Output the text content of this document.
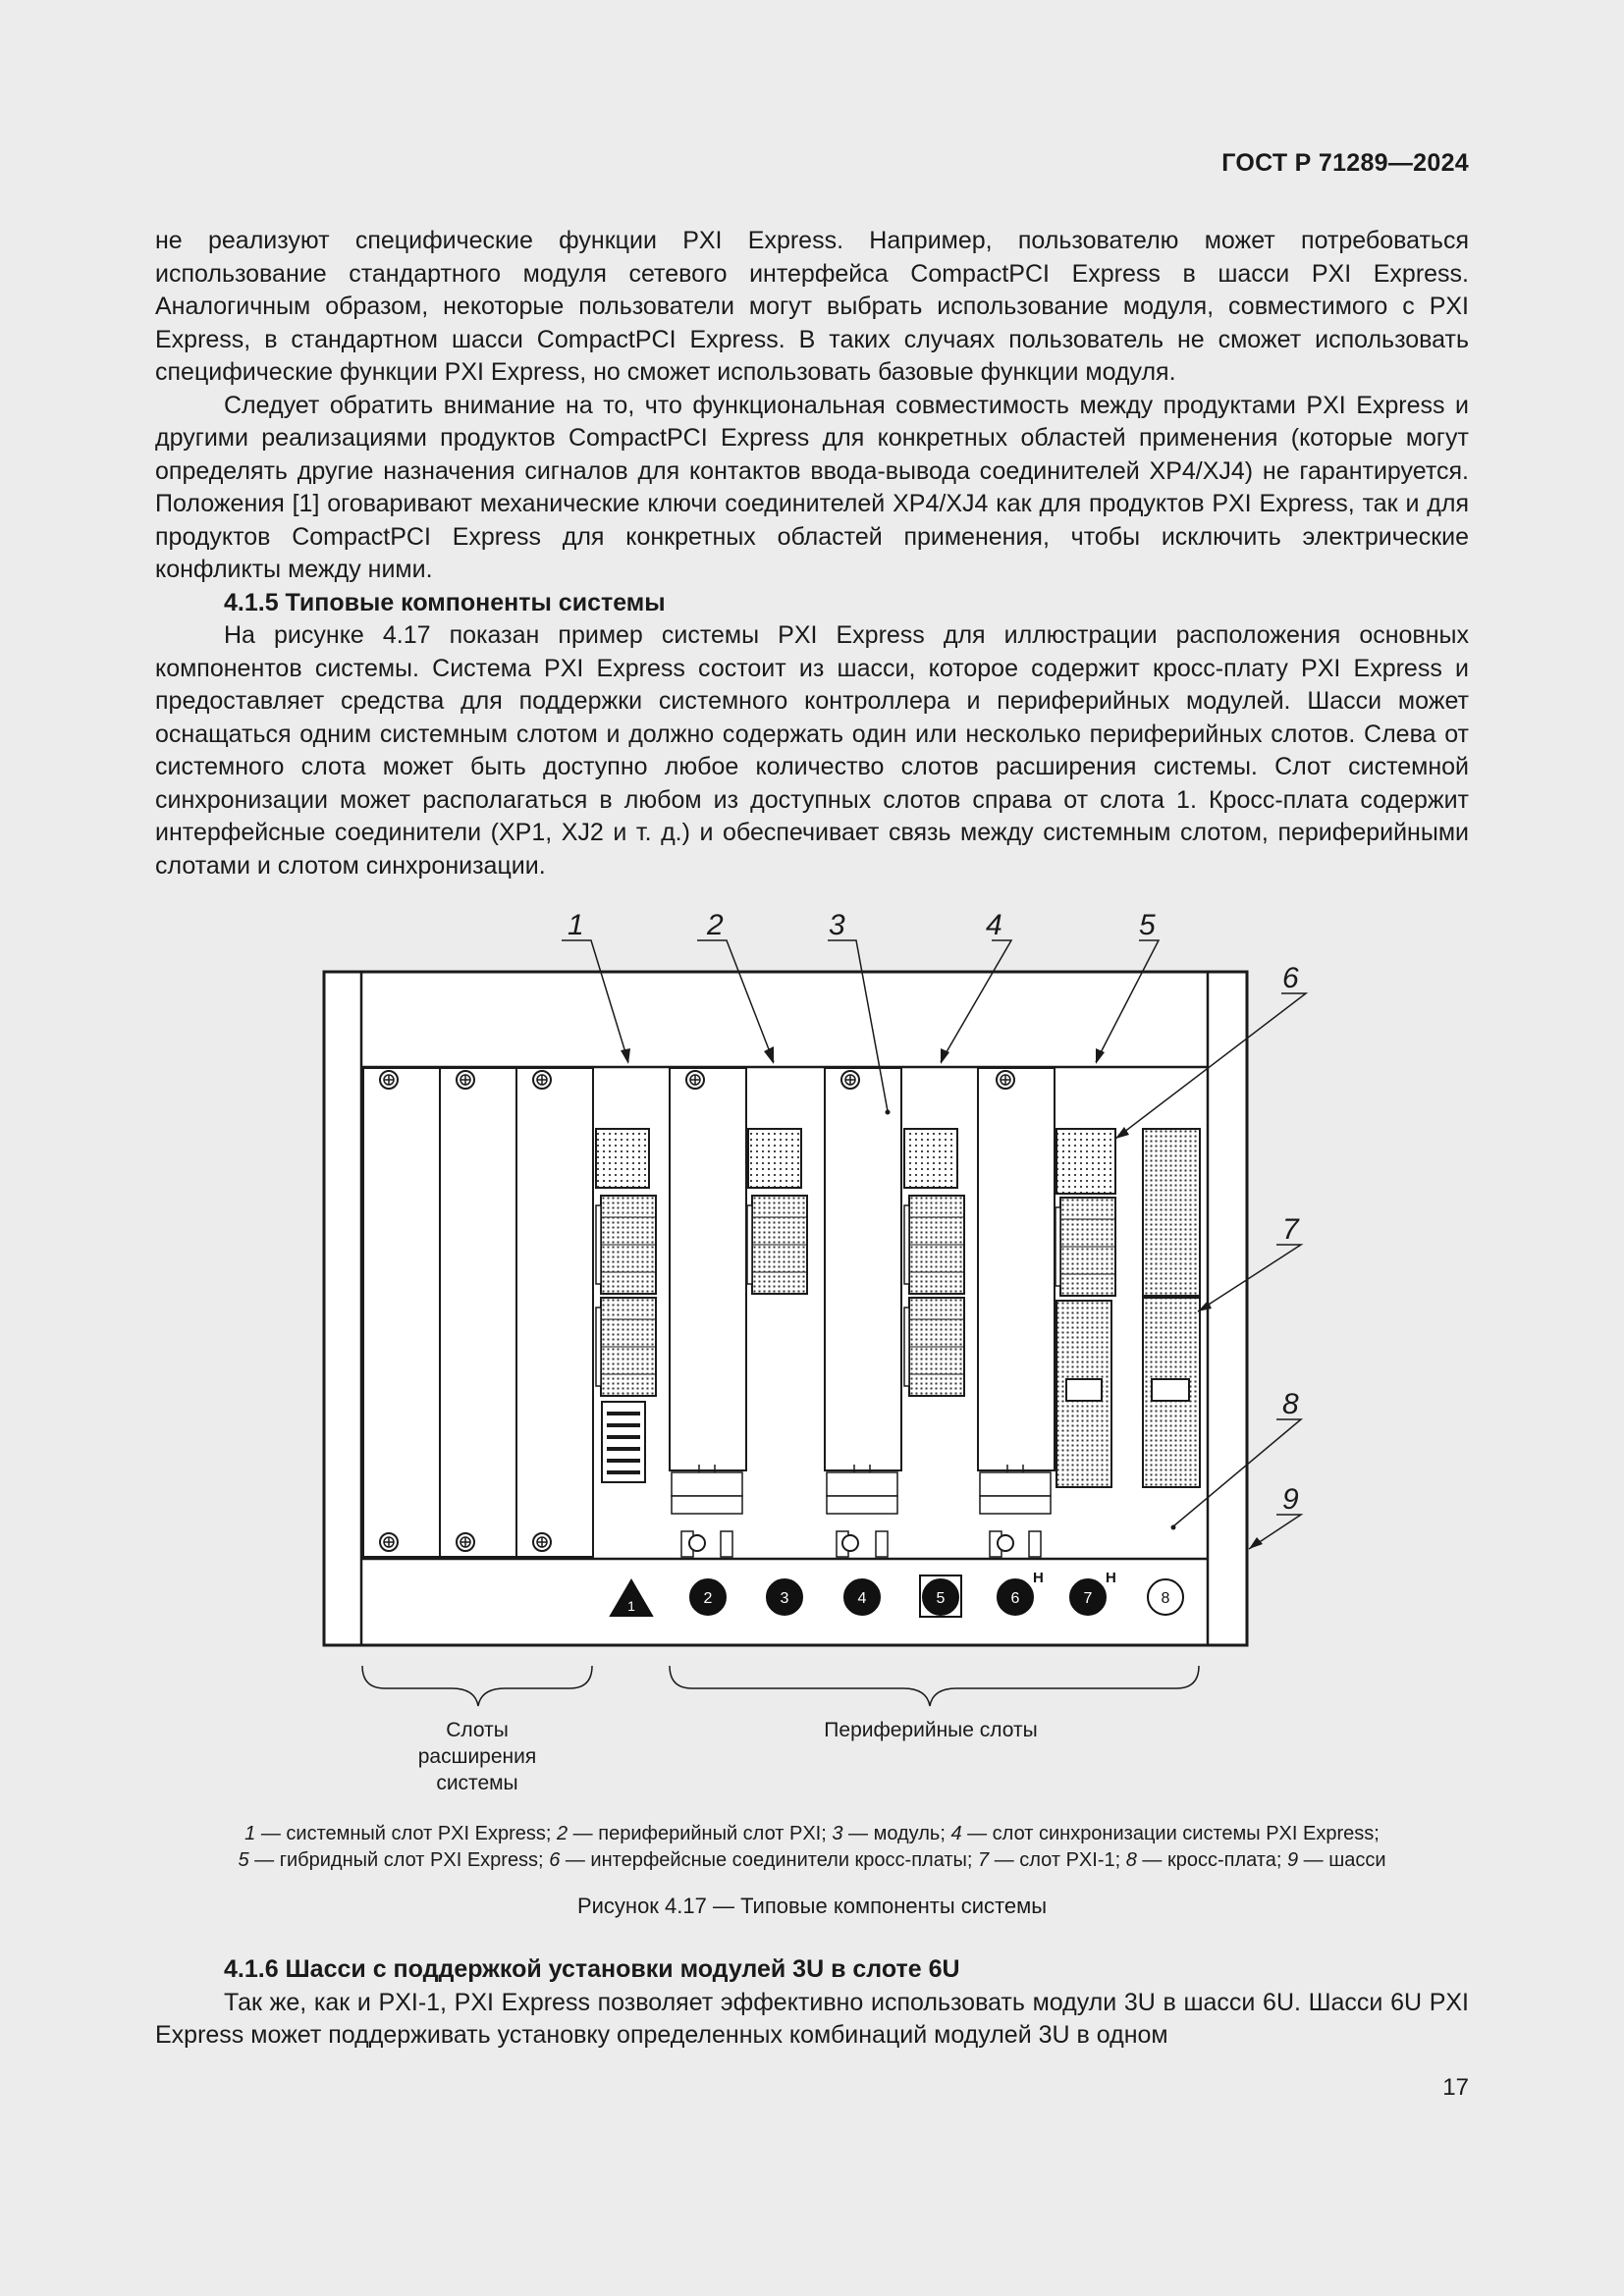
ГОСТ Р 71289—2024

не реализуют специфические функции PXI Express. Например, пользователю может потребоваться использование стандартного модуля сетевого интерфейса CompactPCI Express в шасси PXI Express. Аналогичным образом, некоторые пользователи могут выбрать использование модуля, совместимого с PXI Express, в стандартном шасси CompactPCI Express. В таких случаях пользователь не сможет использовать специфические функции PXI Express, но сможет использовать базовые функции модуля.

Следует обратить внимание на то, что функциональная совместимость между продуктами PXI Express и другими реализациями продуктов CompactPCI Express для конкретных областей применения (которые могут определять другие назначения сигналов для контактов ввода-вывода соединителей XP4/XJ4) не гарантируется. Положения [1] оговаривают механические ключи соединителей XP4/XJ4 как для продуктов PXI Express, так и для продуктов CompactPCI Express для конкретных областей применения, чтобы исключить электрические конфликты между ними.

4.1.5 Типовые компоненты системы

На рисунке 4.17 показан пример системы PXI Express для иллюстрации расположения основных компонентов системы. Система PXI Express состоит из шасси, которое содержит кросс-плату PXI Express и предоставляет средства для поддержки системного контроллера и периферийных модулей. Шасси может оснащаться одним системным слотом и должно содержать один или несколько периферийных слотов. Слева от системного слота может быть доступно любое количество слотов расширения системы. Слот системной синхронизации может располагаться в любом из доступных слотов справа от слота 1. Кросс-плата содержит интерфейсные соединители (XP1, XJ2 и т. д.) и обеспечивает связь между системным слотом, периферийными слотами и слотом синхронизации.

1	2	3	4	5	6
H
7
H
8
1	2	3	4	5
6
7
8
9
Слоты
расширения
системы
Периферийные слоты
1 — системный слот PXI Express; 2 — периферийный слот PXI; 3 — модуль; 4 — слот синхронизации системы PXI Express;
5 — гибридный слот PXI Express; 6 — интерфейсные соединители кросс-платы; 7 — слот PXI-1; 8 — кросс-плата; 9 — шасси
Рисунок 4.17 — Типовые компоненты системы

4.1.6 Шасси с поддержкой установки модулей 3U в слоте 6U

Так же, как и PXI-1, PXI Express позволяет эффективно использовать модули 3U в шасси 6U. Шасси 6U PXI Express может поддерживать установку определенных комбинаций модулей 3U в одном

17
